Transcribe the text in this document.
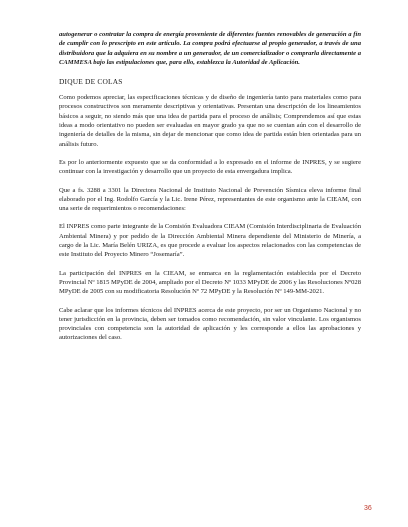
autogenerar o contratar la compra de energía proveniente de diferentes fuentes renovables de generación a fin de cumplir con lo prescripto en este artículo. La compra podrá efectuarse al propio generador, a través de una distribuidora que la adquiera en su nombre a un generador, de un comercializador o comprarla directamente a CAMMESA bajo las estipulaciones que, para ello, establezca la Autoridad de Aplicación.

DIQUE DE COLAS

Como podemos apreciar, las especificaciones técnicas y de diseño de ingeniería tanto para materiales como para procesos constructivos son meramente descriptivas y orientativas. Presentan una descripción de los lineamientos básicos a seguir, no siendo más que una idea de partida para el proceso de análisis; Comprendemos así que estas ideas a modo orientativo no pueden ser evaluadas en mayor grado ya que no se cuentan aún con el desarrollo de ingeniería de detalles de la misma, sin dejar de mencionar que como idea de partida están bien orientadas para un análisis futuro.

Es por lo anteriormente expuesto que se da conformidad a lo expresado en el informe de INPRES, y se sugiere continuar con la investigación y desarrollo que un proyecto de esta envergadura implica.

Que a fs. 3288 a 3301 la Directora Nacional de Instituto Nacional de Prevención Sísmica eleva informe final elaborado por el Ing. Rodolfo García y la Lic. Irene Pérez, representantes de este organismo ante la CIEAM, con una serie de requerimientos o recomendaciones:

El INPRES como parte integrante de la Comisión Evaluadora CIEAM (Comisión Interdisciplinaria de Evaluación Ambiental Minera) y por pedido de la Dirección Ambiental Minera dependiente del Ministerio de Minería, a cargo de la Lic. María Belén URIZA, es que procede a evaluar los aspectos relacionados con las competencias de este Instituto del Proyecto Minero “Josemaría”.

La participación del INPRES en la CIEAM, se enmarca en la reglamentación establecida por el Decreto Provincial Nº 1815 MPyDE de 2004, ampliado por el Decreto Nº 1033 MPyDE de 2006 y las Resoluciones Nº028 MPyDE de 2005 con su modificatoria Resolución Nº 72 MPyDE y la Resolución Nº 149-MM-2021.

Cabe aclarar que los informes técnicos del INPRES acerca de este proyecto, por ser un Organismo Nacional y no tener jurisdicción en la provincia, deben ser tomados como recomendación, sin valor vinculante. Los organismos provinciales con competencia son la autoridad de aplicación y les corresponde a ellos las aprobaciones y autorizaciones del caso.

36
